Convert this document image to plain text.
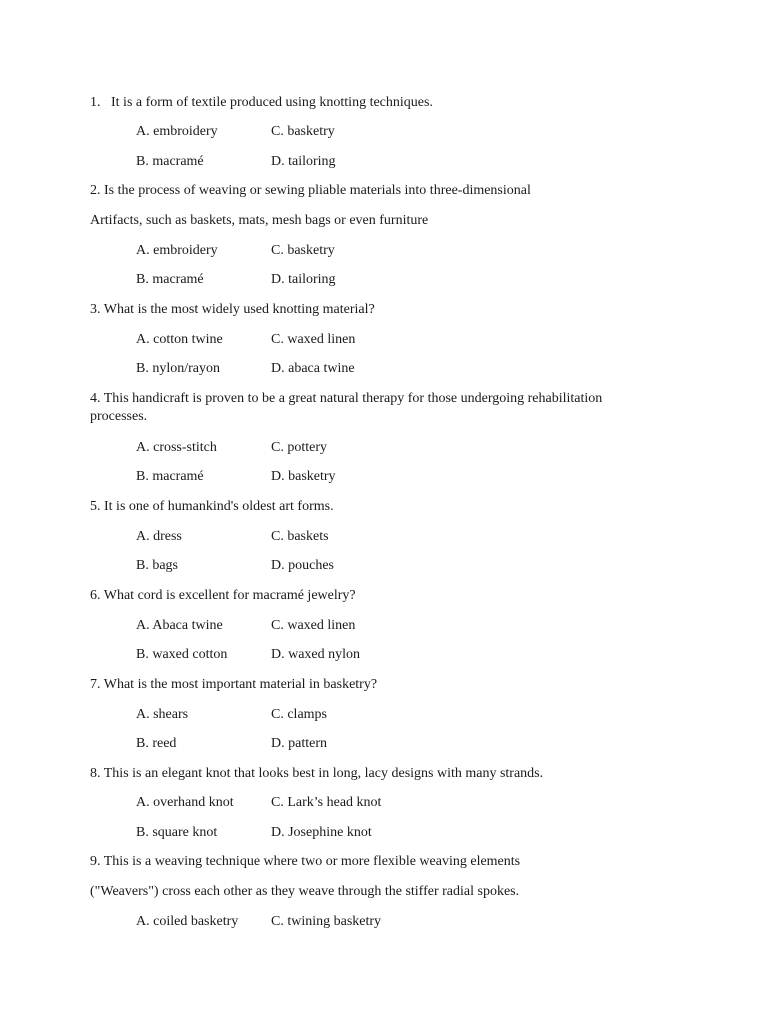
1.   It is a form of textile produced using knotting techniques.
A. embroidery	C. basketry
B. macramé	D. tailoring
2. Is the process of weaving or sewing pliable materials into three-dimensional
Artifacts, such as baskets, mats, mesh bags or even furniture
A. embroidery	C. basketry
B. macramé	D. tailoring
3. What is the most widely used knotting material?
A. cotton twine	C. waxed linen
B. nylon/rayon	D. abaca twine
4. This handicraft is proven to be a great natural therapy for those undergoing rehabilitation processes.
A. cross-stitch	C. pottery
B. macramé	D. basketry
5. It is one of humankind's oldest art forms.
A. dress	C. baskets
B. bags	D. pouches
6. What cord is excellent for macramé jewelry?
A. Abaca twine	C. waxed linen
B. waxed cotton	D. waxed nylon
7. What is the most important material in basketry?
A. shears	C. clamps
B. reed	D. pattern
8. This is an elegant knot that looks best in long, lacy designs with many strands.
A. overhand knot	C. Lark’s head knot
B. square knot	D. Josephine knot
9. This is a weaving technique where two or more flexible weaving elements
("Weavers") cross each other as they weave through the stiffer radial spokes.
A. coiled basketry C. twining basketry
